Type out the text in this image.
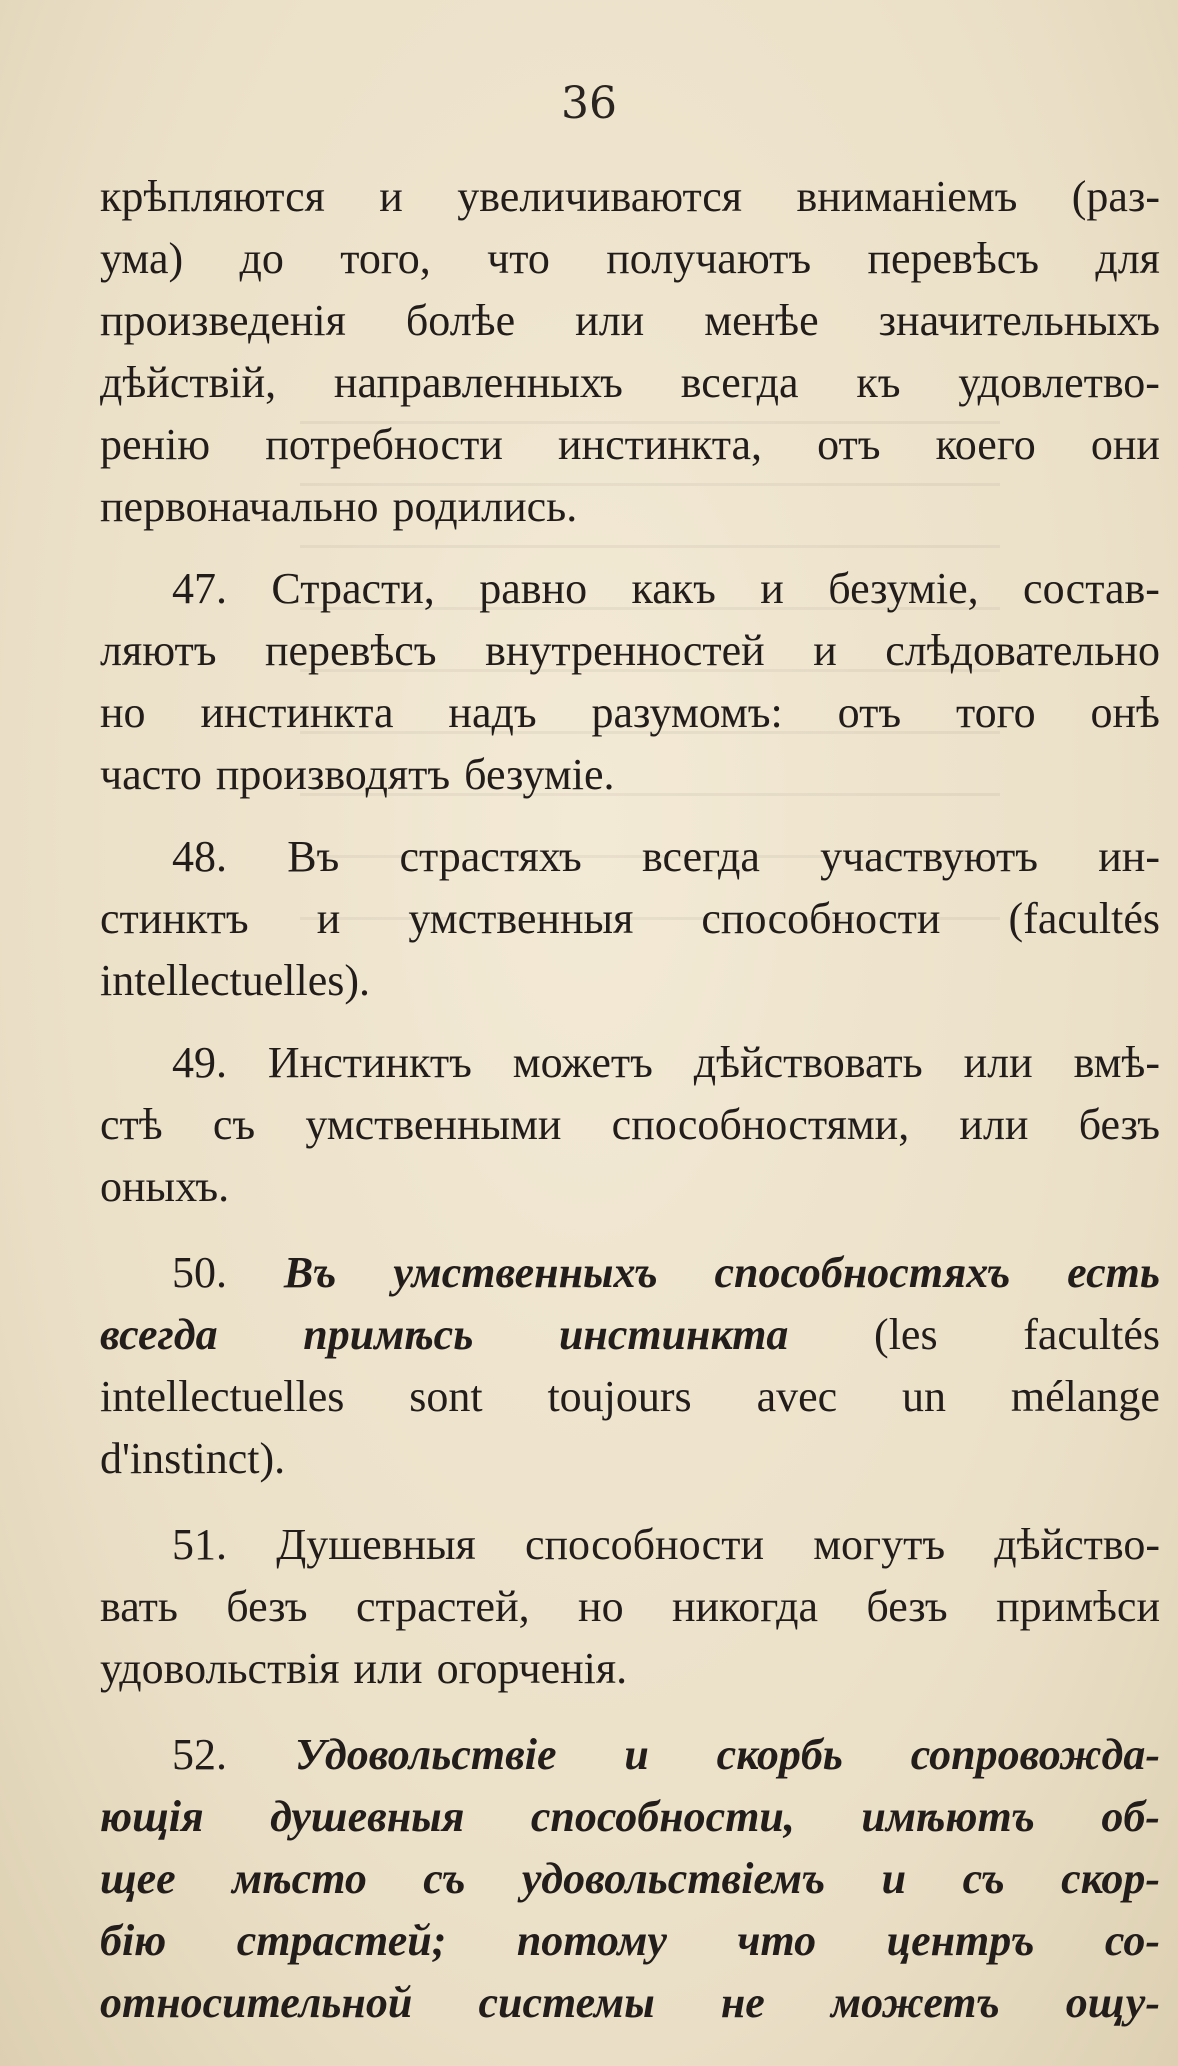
36
крѣпляются и увеличиваются вниманіемъ (раз-
ума) до того, что получаютъ перевѣсъ для
произведенія болѣе или менѣе значительныхъ
дѣйствій, направленныхъ всегда къ удовлетво-
ренію потребности инстинкта, отъ коего они
первоначально родились.
47. Страсти, равно какъ и безуміе, состав-
ляютъ перевѣсъ внутренностей и слѣдовательно
но инстинкта надъ разумомъ: отъ того онѣ
часто производятъ безуміе.
48. Въ страстяхъ всегда участвуютъ ин-
стинктъ и умственныя способности (facultés
intellectuelles).
49. Инстинктъ можетъ дѣйствовать или вмѣ-
стѣ съ умственными способностями, или безъ
оныхъ.
50. Въ умственныхъ способностяхъ есть
всегда примѣсь инстинкта (les facultés
intellectuelles sont toujours avec un mélange
d'instinct).
51. Душевныя способности могутъ дѣйство-
вать безъ страстей, но никогда безъ примѣси
удовольствія или огорченія.
52. Удовольствіе и скорбь сопровожда-
ющія душевныя способности, имѣютъ об-
щее мѣсто съ удовольствіемъ и съ скор-
бію страстей; потому что центръ со-
относительной системы не можетъ ощу-
